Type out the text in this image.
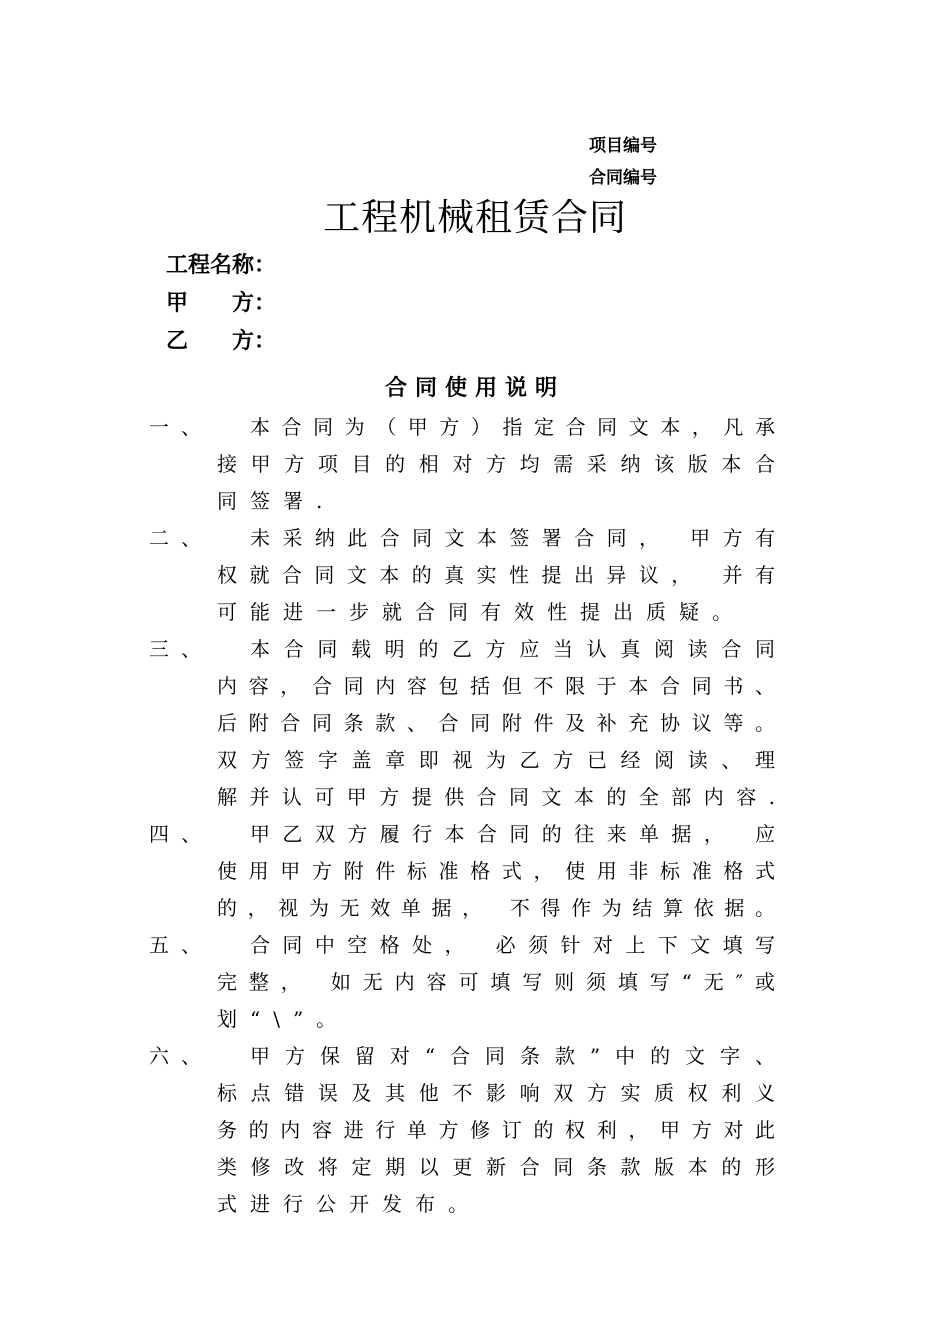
项目编号
合同编号
工程机械租赁合同
工程名称：
甲　　方：
乙　　方：
合同使用说明
一、 本合同为（甲方）指定合同文本，凡承
接甲方项目的相对方均需采纳该版本合
同签署.
二、 未采纳此合同文本签署合同， 甲方有
权就合同文本的真实性提出异议， 并有
可能进一步就合同有效性提出质疑。
三、 本合同载明的乙方应当认真阅读合同
内容，合同内容包括但不限于本合同书、
后附合同条款、合同附件及补充协议等。
双方签字盖章即视为乙方已经阅读、理
解并认可甲方提供合同文本的全部内容.
四、 甲乙双方履行本合同的往来单据， 应
使用甲方附件标准格式，使用非标准格式
的，视为无效单据， 不得作为结算依据。
五、 合同中空格处， 必须针对上下文填写
完整， 如无内容可填写则须填写“无″或
划“\”。
六、 甲方保留对“合同条款”中的文字、
标点错误及其他不影响双方实质权利义
务的内容进行单方修订的权利，甲方对此
类修改将定期以更新合同条款版本的形
式进行公开发布。
